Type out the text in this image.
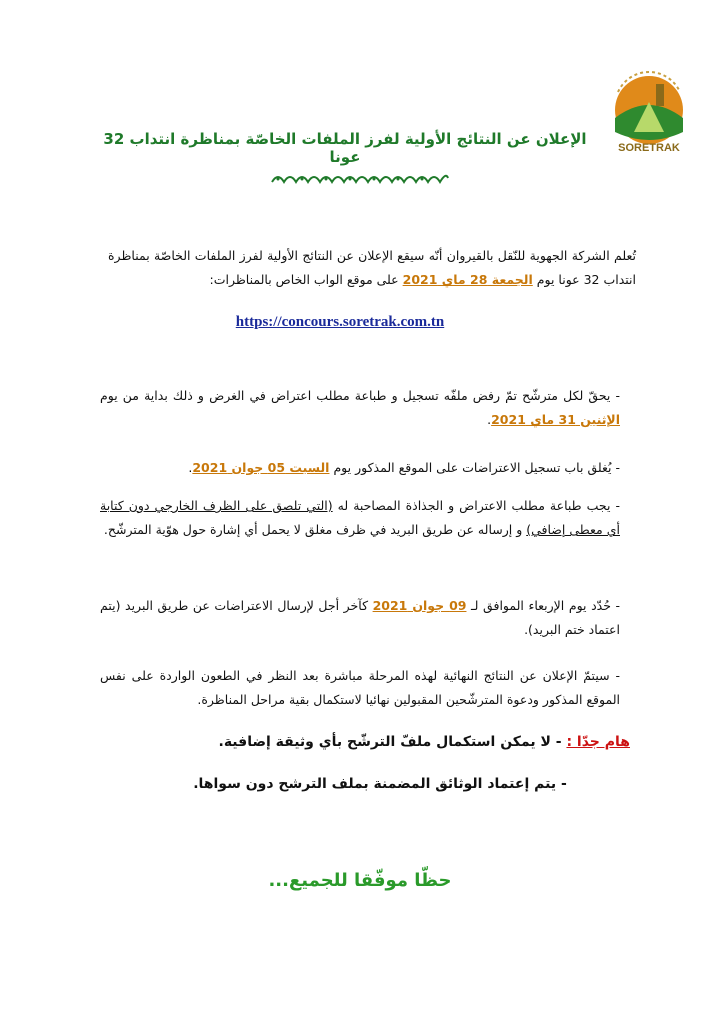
SORETRAK
الإعلان عن النتائج الأولية لفرز الملفات الخاصّة بمناظرة انتداب 32 عونا
تُعلم الشركة الجهوية للنّقل بالقيروان أنّه سيقع الإعلان عن النتائج الأولية لفرز الملفات الخاصّة بمناظرة انتداب 32 عونا يوم الجمعة 28 ماي 2021 على موقع الواب الخاص بالمناظرات:
https://concours.soretrak.com.tn
- يحقّ لكل مترشّح تمّ رفض ملفّه تسجيل و طباعة مطلب اعتراض في الغرض و ذلك بداية من يوم الإثنين 31 ماي 2021.
- يُغلق باب تسجيل الاعتراضات على الموقع المذكور يوم السبت 05 جوان 2021.
- يجب طباعة مطلب الاعتراض و الجذاذة المصاحبة له (التي تلصق على الظرف الخارجي دون كتابة أي معطى إضافي) و إرساله عن طريق البريد في ظرف مغلق لا يحمل أي إشارة حول هوّية المترشّح.
- حُدّد يوم الإربعاء الموافق لـ 09 جوان 2021 كآخر أجل لإرسال الاعتراضات عن طريق البريد (يتم اعتماد ختم البريد).
- سيتمّ الإعلان عن النتائج النهائية لهذه المرحلة مباشرة بعد النظر في الطعون الواردة على نفس الموقع المذكور ودعوة المترشّحين المقبولين نهائيا لاستكمال بقية مراحل المناظرة.
هام جدّا : - لا يمكن استكمال ملفّ الترشّح بأي وثيقة إضافية.
- يتم إعتماد الوثائق المضمنة بملف الترشح دون سواها.
حظّا موفّقا للجميع...
